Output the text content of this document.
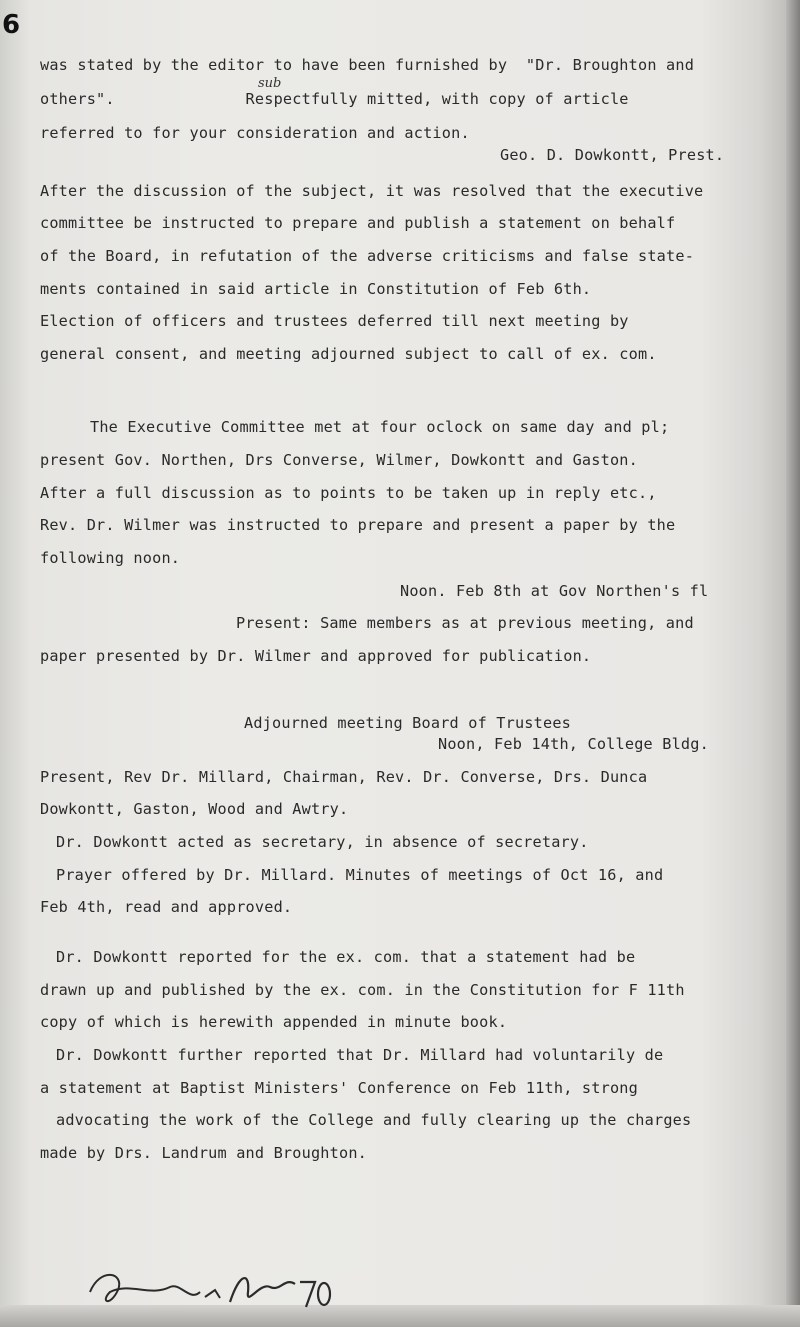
6
sub
was stated by the editor to have been furnished by  "Dr. Broughton and
others".              Respectfully mitted, with copy of article
referred to for your consideration and action.
Geo. D. Dowkontt, Prest.
After the discussion of the subject, it was resolved that the executive
committee be instructed to prepare and publish a statement on behalf
of the Board, in refutation of the adverse criticisms and false state-
ments contained in said article in Constitution of Feb 6th.
Election of officers and trustees deferred till next meeting by
general consent, and meeting adjourned subject to call of ex. com.
The Executive Committee met at four oclock on same day and pl;
present Gov. Northen, Drs Converse, Wilmer, Dowkontt and Gaston.
After a full discussion as to points to be taken up in reply etc.,
Rev. Dr. Wilmer was instructed to prepare and present a paper by the
following noon.
Noon. Feb 8th at Gov Northen's fl
Present: Same members as at previous meeting, and
paper presented by Dr. Wilmer and approved for publication.
Adjourned meeting Board of Trustees
Noon, Feb 14th, College Bldg.
Present, Rev Dr. Millard, Chairman, Rev. Dr. Converse, Drs. Dunca
Dowkontt, Gaston, Wood and Awtry.
Dr. Dowkontt acted as secretary, in absence of secretary.
Prayer offered by Dr. Millard. Minutes of meetings of Oct 16, and
Feb 4th, read and approved.
Dr. Dowkontt reported for the ex. com. that a statement had be
drawn up and published by the ex. com. in the Constitution for F 11th
copy of which is herewith appended in minute book.
Dr. Dowkontt further reported that Dr. Millard had voluntarily de
a statement at Baptist Ministers' Conference on Feb 11th, strong
advocating the work of the College and fully clearing up the charges
made by Drs. Landrum and Broughton.
